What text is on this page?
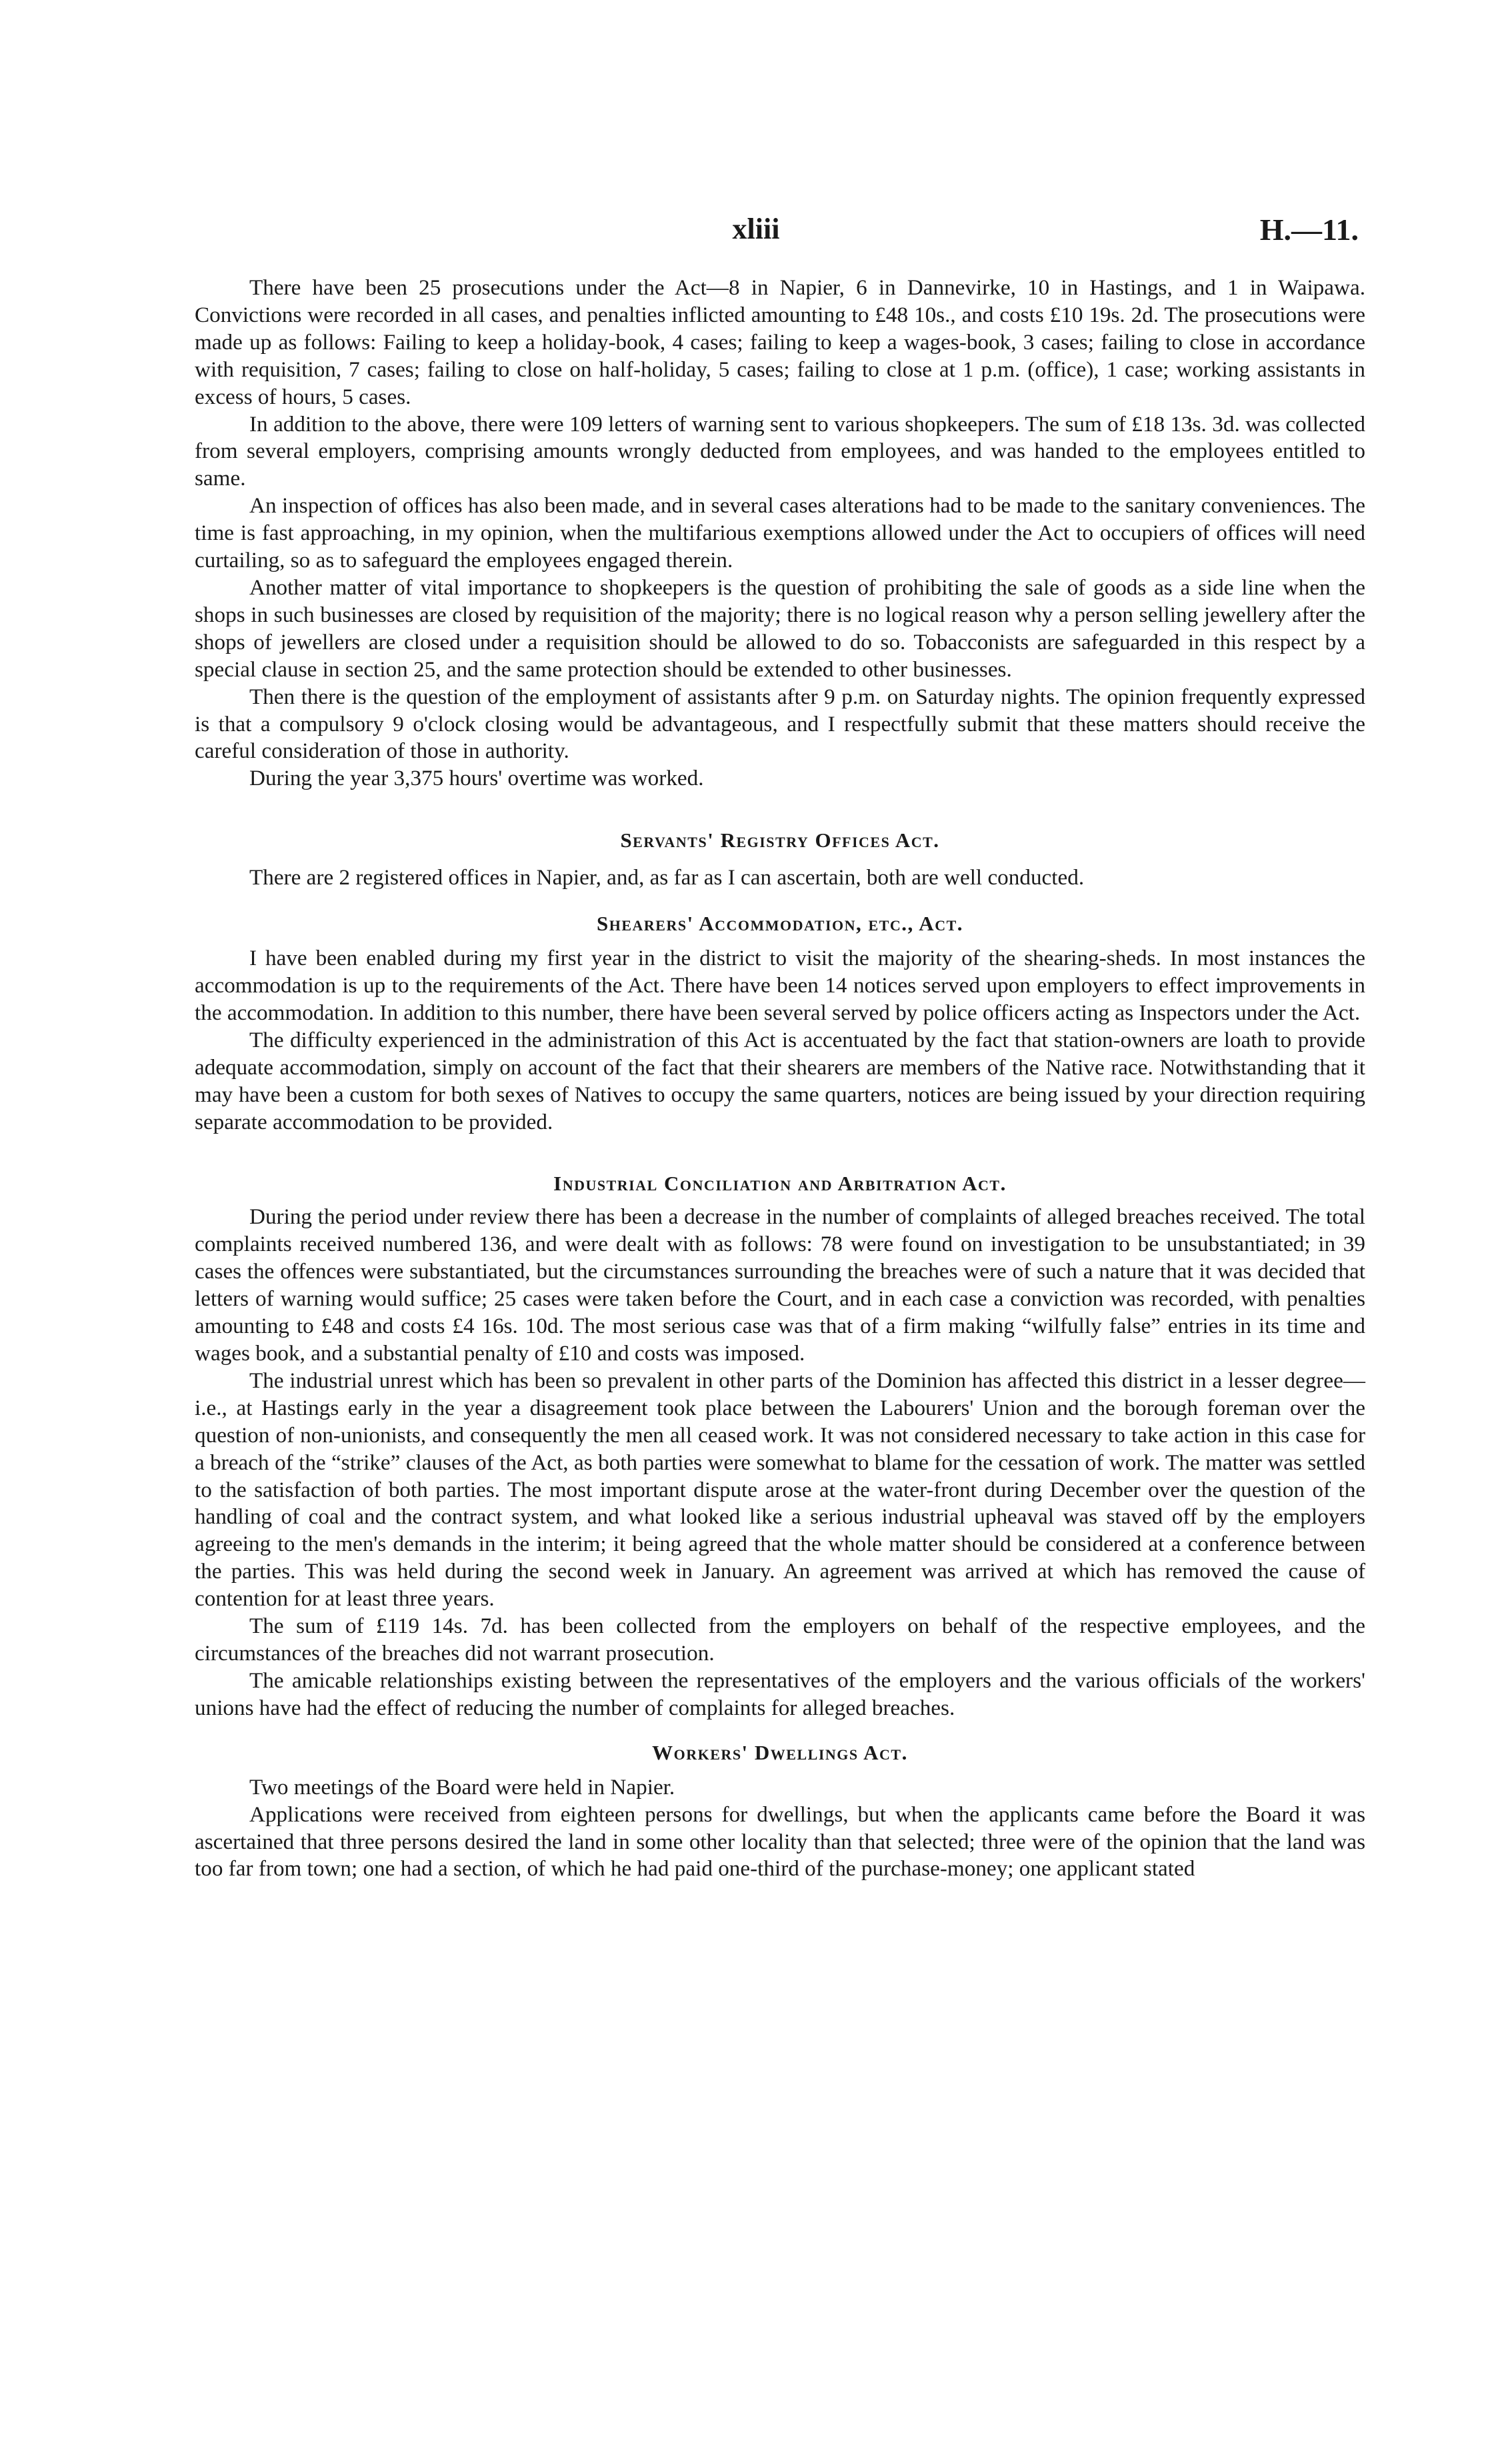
xliii	H.—11.

There have been 25 prosecutions under the Act—8 in Napier, 6 in Dannevirke, 10 in Hastings, and 1 in Waipawa. Convictions were recorded in all cases, and penalties inflicted amounting to £48 10s., and costs £10 19s. 2d. The prosecutions were made up as follows: Failing to keep a holiday-book, 4 cases; failing to keep a wages-book, 3 cases; failing to close in accordance with requisition, 7 cases; failing to close on half-holiday, 5 cases; failing to close at 1 p.m. (office), 1 case; working assistants in excess of hours, 5 cases.

In addition to the above, there were 109 letters of warning sent to various shopkeepers. The sum of £18 13s. 3d. was collected from several employers, comprising amounts wrongly deducted from employees, and was handed to the employees entitled to same.

An inspection of offices has also been made, and in several cases alterations had to be made to the sanitary conveniences. The time is fast approaching, in my opinion, when the multifarious exemptions allowed under the Act to occupiers of offices will need curtailing, so as to safeguard the employees engaged therein.

Another matter of vital importance to shopkeepers is the question of prohibiting the sale of goods as a side line when the shops in such businesses are closed by requisition of the majority; there is no logical reason why a person selling jewellery after the shops of jewellers are closed under a requisition should be allowed to do so. Tobacconists are safeguarded in this respect by a special clause in section 25, and the same protection should be extended to other businesses.

Then there is the question of the employment of assistants after 9 p.m. on Saturday nights. The opinion frequently expressed is that a compulsory 9 o'clock closing would be advantageous, and I respectfully submit that these matters should receive the careful consideration of those in authority.

During the year 3,375 hours' overtime was worked.

Servants' Registry Offices Act.

There are 2 registered offices in Napier, and, as far as I can ascertain, both are well conducted.

Shearers' Accommodation, etc., Act.

I have been enabled during my first year in the district to visit the majority of the shearing-sheds. In most instances the accommodation is up to the requirements of the Act. There have been 14 notices served upon employers to effect improvements in the accommodation. In addition to this number, there have been several served by police officers acting as Inspectors under the Act.

The difficulty experienced in the administration of this Act is accentuated by the fact that station-owners are loath to provide adequate accommodation, simply on account of the fact that their shearers are members of the Native race. Notwithstanding that it may have been a custom for both sexes of Natives to occupy the same quarters, notices are being issued by your direction requiring separate accommodation to be provided.

Industrial Conciliation and Arbitration Act.

During the period under review there has been a decrease in the number of complaints of alleged breaches received. The total complaints received numbered 136, and were dealt with as follows: 78 were found on investigation to be unsubstantiated; in 39 cases the offences were substantiated, but the circumstances surrounding the breaches were of such a nature that it was decided that letters of warning would suffice; 25 cases were taken before the Court, and in each case a conviction was recorded, with penalties amounting to £48 and costs £4 16s. 10d. The most serious case was that of a firm making “wilfully false” entries in its time and wages book, and a substantial penalty of £10 and costs was imposed.

The industrial unrest which has been so prevalent in other parts of the Dominion has affected this district in a lesser degree—i.e., at Hastings early in the year a disagreement took place between the Labourers' Union and the borough foreman over the question of non-unionists, and consequently the men all ceased work. It was not considered necessary to take action in this case for a breach of the “strike” clauses of the Act, as both parties were somewhat to blame for the cessation of work. The matter was settled to the satisfaction of both parties. The most important dispute arose at the water-front during December over the question of the handling of coal and the contract system, and what looked like a serious industrial upheaval was staved off by the employers agreeing to the men's demands in the interim; it being agreed that the whole matter should be considered at a conference between the parties. This was held during the second week in January. An agreement was arrived at which has removed the cause of contention for at least three years.

The sum of £119 14s. 7d. has been collected from the employers on behalf of the respective employees, and the circumstances of the breaches did not warrant prosecution.

The amicable relationships existing between the representatives of the employers and the various officials of the workers' unions have had the effect of reducing the number of complaints for alleged breaches.

Workers' Dwellings Act.

Two meetings of the Board were held in Napier.

Applications were received from eighteen persons for dwellings, but when the applicants came before the Board it was ascertained that three persons desired the land in some other locality than that selected; three were of the opinion that the land was too far from town; one had a section, of which he had paid one-third of the purchase-money; one applicant stated
